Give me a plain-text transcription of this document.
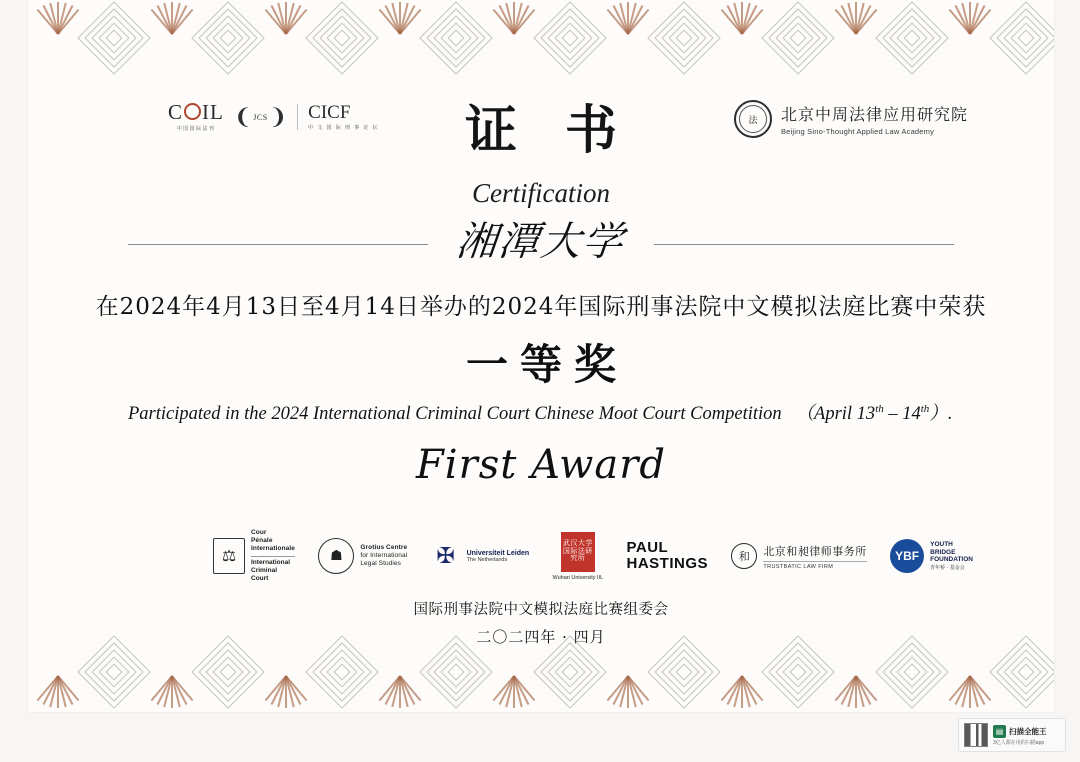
C IL
中国国际法刊 ❨ JCS ❩ CICF
中 文 国 际 刑 事 论 坛
法 北京中周法律应用研究院
Beijing Sino-Thought Applied Law Academy
证书
Certification
湘潭大学
在2024年4月13日至4月14日举办的2024年国际刑事法院中文模拟法庭比赛中荣获
一等奖
Participated in the 2024 International Criminal Court Chinese Moot Court Competition （April 13th – 14th）.
First Award
⚖
Cour
Pénale
Internationale
International
Criminal
Court
☗
Grotius Centre
for International
Legal Studies ✠	Universiteit Leiden
The Netherlands
武汉大学国际法研究所
Wuhan University IIL
PAUL
HASTINGS	和	北京和昶律师事务所
TRUSTBATIC LAW FIRM
YBF
YOUTH
BRIDGE
FOUNDATION
青年桥 · 基金会
国际刑事法院中文模拟法庭比赛组委会
二〇二四年 · 四月
▤ 扫描全能王
3亿人都在用的扫描app
